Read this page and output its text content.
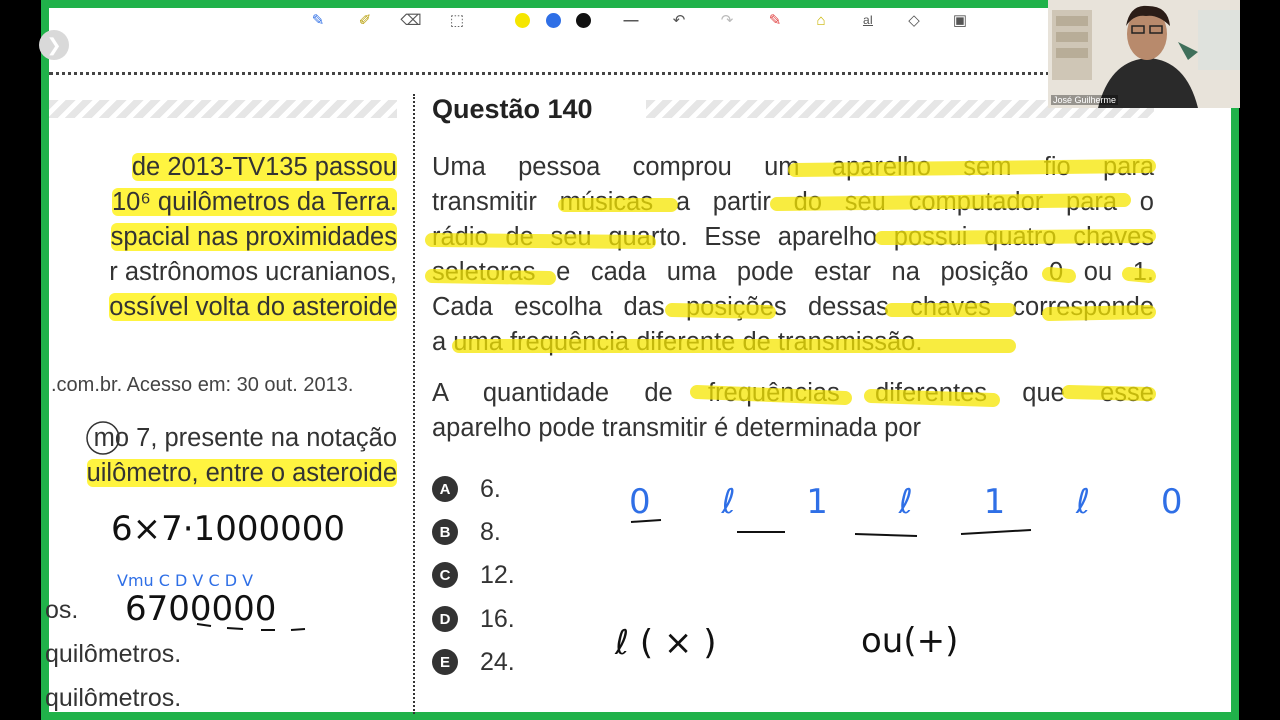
❯
✎	✐	⌫ ⬚	—	↶	↷	✎	⌂	aI	◇	▣
Questão 140
de 2013-TV135 passou
10⁶ quilômetros da Terra.
spacial nas proximidades
r astrônomos ucranianos,
ossível volta do asteroide
.com.br. Acesso em: 30 out. 2013.
mo 7, presente na notação
uilômetro, entre o asteroide
os.
quilômetros.
quilômetros.
Uma pessoa comprou um aparelho sem fio para
transmitir músicas a partir do seu computador para o
rádio de seu quarto. Esse aparelho possui quatro chaves
seletoras e cada uma pode estar na posição 0 ou 1.
Cada escolha das posições dessas chaves corresponde
a uma frequência diferente de transmissão.
A quantidade de frequências diferentes que esse
aparelho pode transmitir é determinada por
A	6.
B	8.
C	12.
D	16.
E	24.
6×7·1000000
6700000
Vmu C D V C D V
0 ℓ 1 ℓ 1 ℓ 0
ℓ ( × )	ou(+)
José Guilherme
